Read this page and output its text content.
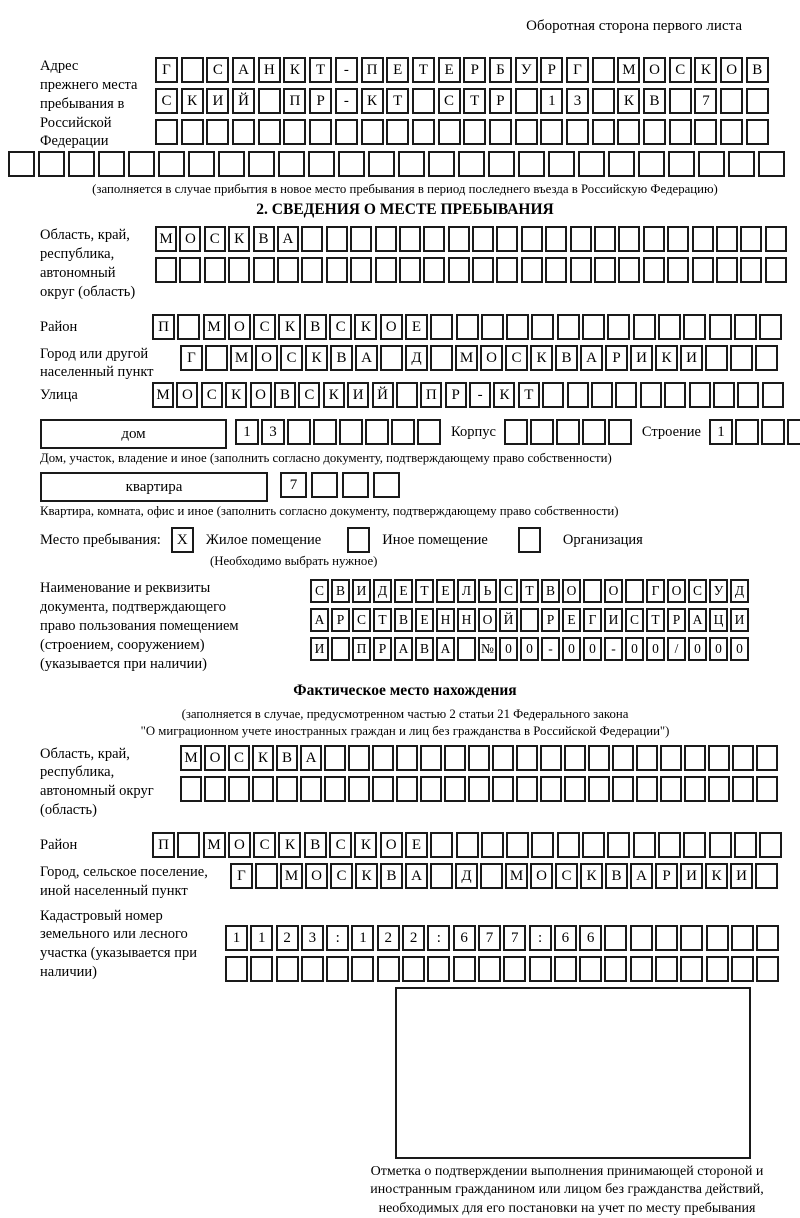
Оборотная сторона первого листа
Адрес прежнего места пребывания в Российской Федерации
Г	С А Н К Т - П Е Т Е Р Б У Р Г	М О С К О В
С К И Й	П Р - К Т	С Т Р	1 3	К В	7
(заполняется в случае прибытия в новое место пребывания в период последнего въезда в Российскую Федерацию)
2. СВЕДЕНИЯ О МЕСТЕ ПРЕБЫВАНИЯ
Область, край, республика, автономный округ (область)
М О С К В А
Район	П	М О С К В С К О Е
Город или другой населенный пункт
Г	М О С К В А	Д	М О С К В А Р И К И
Улица	М О С К О В С К И Й	П Р - К Т
дом	1 3	Корпус	Строение	1
Дом, участок, владение и иное (заполнить согласно документу, подтверждающему право собственности)
квартира	7
Квартира, комната, офис и иное (заполнить согласно документу, подтверждающему право собственности)
Место пребывания:	X	Жилое помещение	Иное помещение	Организация
(Необходимо выбрать нужное)
Наименование и реквизиты документа, подтверждающего право пользования помещением (строением, сооружением) (указывается при наличии)
С В И Д Е Т Е Л Ь С Т В О О Г О С У Д
А Р С Т В Е Н Н О Й Р Е Г И С Т Р А Ц И
И П Р А В А № 0 0 - 0 0 - 0 0 / 0 0 0
Фактическое место нахождения
(заполняется в случае, предусмотренном частью 2 статьи 21 Федерального закона
"О миграционном учете иностранных граждан и лиц без гражданства в Российской Федерации")
Область, край, республика, автономный округ (область)
М О С К В А
Район	П	М О С К В С К О Е
Город, сельское поселение, иной населенный пункт
Г	М О С К В А	Д	М О С К В А Р И К И
Кадастровый номер земельного или лесного участка (указывается при наличии)
1 1 2 3 : 1 2 2 : 6 7 7 : 6 6
Отметка о подтверждении выполнения принимающей стороной и иностранным гражданином или лицом без гражданства действий, необходимых для его постановки на учет по месту пребывания
